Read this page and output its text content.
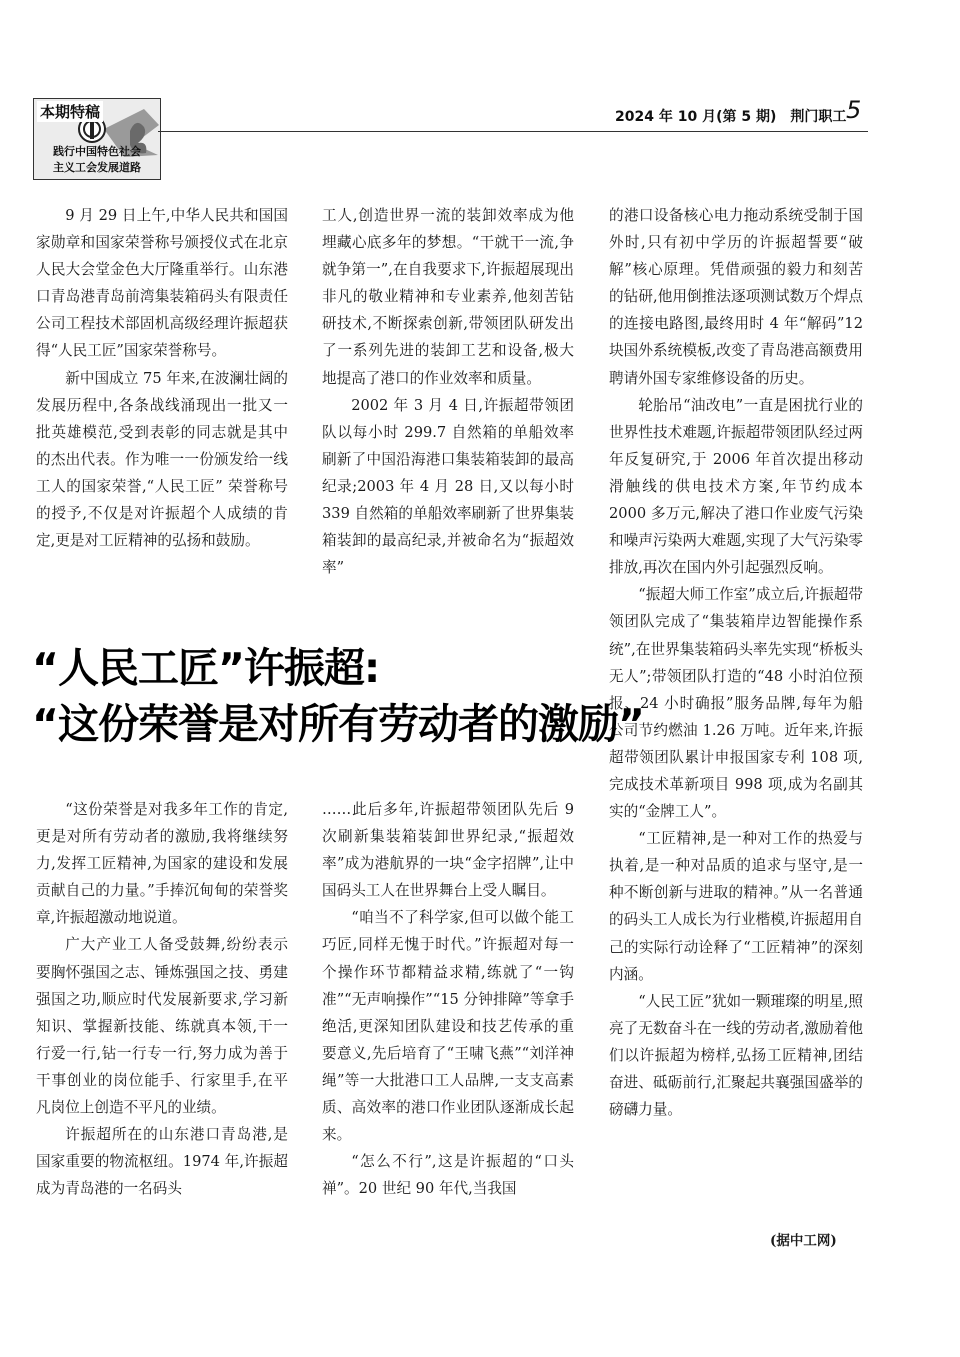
本期特稿
践行中国特色社会
主义工会发展道路
2024 年 10 月(第 5 期) 荆门职工 5

9 月 29 日上午,中华人民共和国国家勋章和国家荣誉称号颁授仪式在北京人民大会堂金色大厅隆重举行。山东港口青岛港青岛前湾集装箱码头有限责任公司工程技术部固机高级经理许振超获得“人民工匠”国家荣誉称号。

新中国成立 75 年来,在波澜壮阔的发展历程中,各条战线涌现出一批又一批英雄模范,受到表彰的同志就是其中的杰出代表。作为唯一一份颁发给一线工人的国家荣誉,“人民工匠” 荣誉称号的授予,不仅是对许振超个人成绩的肯定,更是对工匠精神的弘扬和鼓励。

工人,创造世界一流的装卸效率成为他埋藏心底多年的梦想。“干就干一流,争就争第一”,在自我要求下,许振超展现出非凡的敬业精神和专业素养,他刻苦钻研技术,不断探索创新,带领团队研发出了一系列先进的装卸工艺和设备,极大地提高了港口的作业效率和质量。

2002 年 3 月 4 日,许振超带领团队以每小时 299.7 自然箱的单船效率刷新了中国沿海港口集装箱装卸的最高纪录;2003 年 4 月 28 日,又以每小时 339 自然箱的单船效率刷新了世界集装箱装卸的最高纪录,并被命名为“振超效率”

的港口设备核心电力拖动系统受制于国外时,只有初中学历的许振超誓要“破解”核心原理。凭借顽强的毅力和刻苦的钻研,他用倒推法逐项测试数万个焊点的连接电路图,最终用时 4 年“解码”12 块国外系统模板,改变了青岛港高额费用聘请外国专家维修设备的历史。

轮胎吊“油改电”一直是困扰行业的世界性技术难题,许振超带领团队经过两年反复研究,于 2006 年首次提出移动滑触线的供电技术方案,年节约成本 2000 多万元,解决了港口作业废气污染和噪声污染两大难题,实现了大气污染零排放,再次在国内外引起强烈反响。

“振超大师工作室”成立后,许振超带领团队完成了“集装箱岸边智能操作系统”,在世界集装箱码头率先实现“桥板头无人”;带领团队打造的“48 小时泊位预报、24 小时确报”服务品牌,每年为船公司节约燃油 1.26 万吨。近年来,许振超带领团队累计申报国家专利 108 项,完成技术革新项目 998 项,成为名副其实的“金牌工人”。

“工匠精神,是一种对工作的热爱与执着,是一种对品质的追求与坚守,是一种不断创新与进取的精神。”从一名普通的码头工人成长为行业楷模,许振超用自己的实际行动诠释了“工匠精神”的深刻内涵。

“人民工匠”犹如一颗璀璨的明星,照亮了无数奋斗在一线的劳动者,激励着他们以许振超为榜样,弘扬工匠精神,团结奋进、砥砺前行,汇聚起共襄强国盛举的磅礴力量。

“人民工匠”许振超:
“这份荣誉是对所有劳动者的激励”

“这份荣誉是对我多年工作的肯定,更是对所有劳动者的激励,我将继续努力,发挥工匠精神,为国家的建设和发展贡献自己的力量。”手捧沉甸甸的荣誉奖章,许振超激动地说道。

广大产业工人备受鼓舞,纷纷表示要胸怀强国之志、锤炼强国之技、勇建强国之功,顺应时代发展新要求,学习新知识、掌握新技能、练就真本领,干一行爱一行,钻一行专一行,努力成为善于干事创业的岗位能手、行家里手,在平凡岗位上创造不平凡的业绩。

许振超所在的山东港口青岛港,是国家重要的物流枢纽。1974 年,许振超成为青岛港的一名码头

……此后多年,许振超带领团队先后 9 次刷新集装箱装卸世界纪录,“振超效率”成为港航界的一块“金字招牌”,让中国码头工人在世界舞台上受人瞩目。

“咱当不了科学家,但可以做个能工巧匠,同样无愧于时代。”许振超对每一个操作环节都精益求精,练就了“一钩准”“无声响操作”“15 分钟排障”等拿手绝活,更深知团队建设和技艺传承的重要意义,先后培育了“王啸飞燕”“刘洋神绳”等一大批港口工人品牌,一支支高素质、高效率的港口作业团队逐渐成长起来。

“怎么不行”,这是许振超的“口头禅”。20 世纪 90 年代,当我国

(据中工网)
